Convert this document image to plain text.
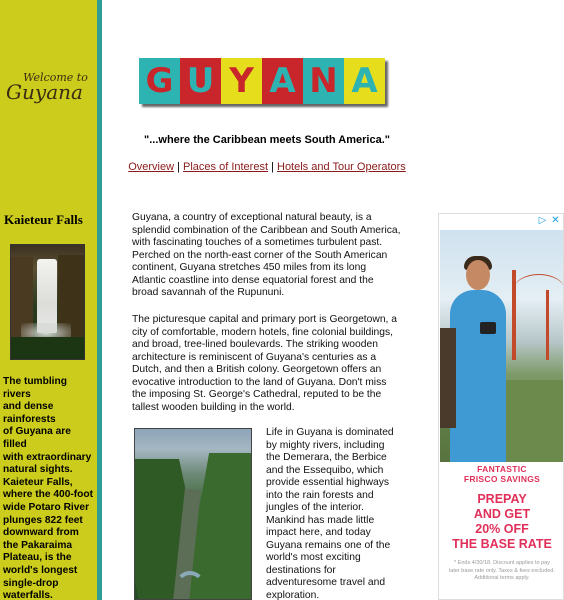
Welcome to
Guyana
Kaieteur Falls
The tumbling
rivers
and dense
rainforests
of Guyana are
filled
with extraordinary
natural sights.
Kaieteur Falls,
where the 400-foot
wide Potaro River
plunges 822 feet
downward from
the Pakaraima
Plateau, is the
world's longest
single-drop
waterfalls.
G U Y A N A
"...where the Caribbean meets South America."
Overview | Places of Interest | Hotels and Tour Operators

Guyana, a country of exceptional natural beauty, is a splendid combination of the Caribbean and South America, with fascinating touches of a sometimes turbulent past. Perched on the north-east corner of the South American continent, Guyana stretches 450 miles from its long Atlantic coastline into dense equatorial forest and the broad savannah of the Rupununi.

The picturesque capital and primary port is Georgetown, a city of comfortable, modern hotels, fine colonial buildings, and broad, tree-lined boulevards. The striking wooden architecture is reminiscent of Guyana's centuries as a Dutch, and then a British colony. Georgetown offers an evocative introduction to the land of Guyana. Don't miss the imposing St. George's Cathedral, reputed to be the tallest wooden building in the world.

Life in Guyana is dominated by mighty rivers, including the Demerara, the Berbice and the Essequibo, which provide essential highways into the rain forests and jungles of the interior. Mankind has made little impact here, and today Guyana remains one of the world's most exciting destinations for adventuresome travel and exploration.

▷ ✕
FANTASTIC
FRISCO SAVINGS
PREPAY
AND GET
20% OFF
THE BASE RATE
* Ends 4/30/18. Discount applies to pay later base rate only. Taxes & fees excluded. Additional terms apply.
